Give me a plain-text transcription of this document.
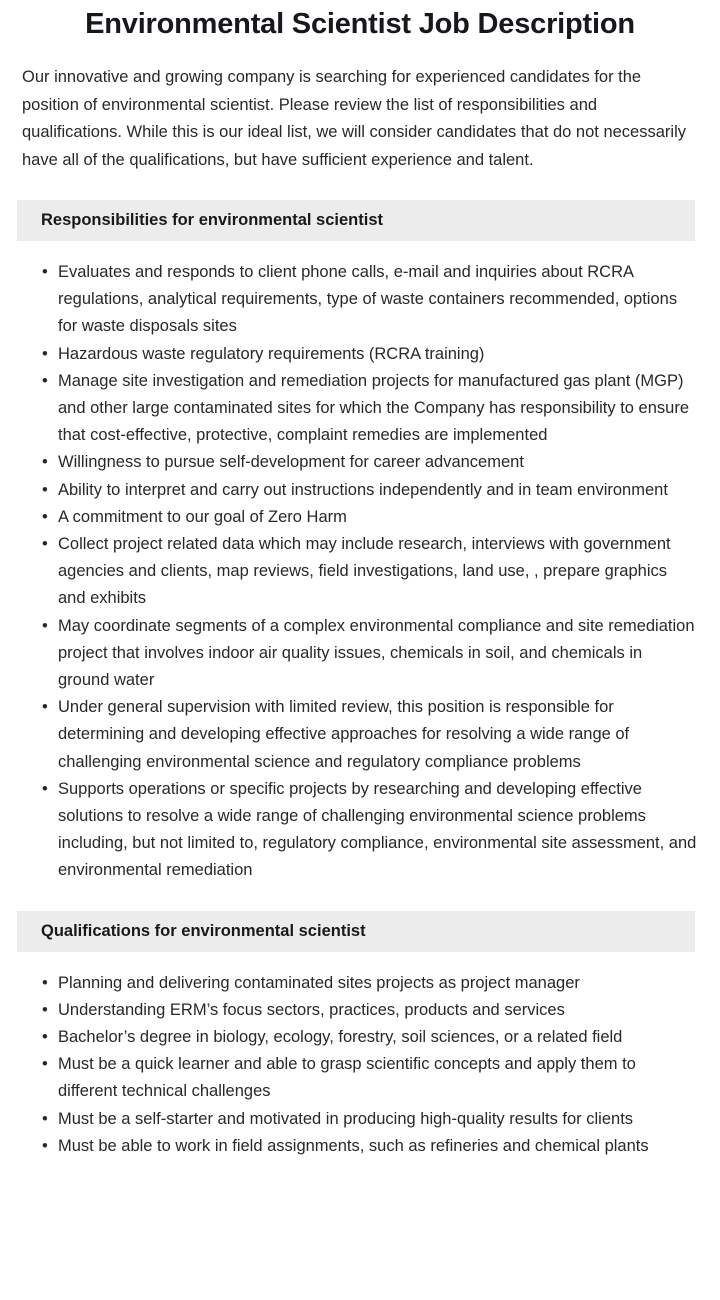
Environmental Scientist Job Description

Our innovative and growing company is searching for experienced candidates for the position of environmental scientist. Please review the list of responsibilities and qualifications. While this is our ideal list, we will consider candidates that do not necessarily have all of the qualifications, but have sufficient experience and talent.

Responsibilities for environmental scientist
• Evaluates and responds to client phone calls, e-mail and inquiries about RCRA regulations, analytical requirements, type of waste containers recommended, options for waste disposals sites
• Hazardous waste regulatory requirements (RCRA training)
• Manage site investigation and remediation projects for manufactured gas plant (MGP) and other large contaminated sites for which the Company has responsibility to ensure that cost-effective, protective, complaint remedies are implemented
• Willingness to pursue self-development for career advancement
• Ability to interpret and carry out instructions independently and in team environment
• A commitment to our goal of Zero Harm
• Collect project related data which may include research, interviews with government agencies and clients, map reviews, field investigations, land use, , prepare graphics and exhibits
• May coordinate segments of a complex environmental compliance and site remediation project that involves indoor air quality issues, chemicals in soil, and chemicals in ground water
• Under general supervision with limited review, this position is responsible for determining and developing effective approaches for resolving a wide range of challenging environmental science and regulatory compliance problems
• Supports operations or specific projects by researching and developing effective solutions to resolve a wide range of challenging environmental science problems including, but not limited to, regulatory compliance, environmental site assessment, and environmental remediation
Qualifications for environmental scientist
• Planning and delivering contaminated sites projects as project manager
• Understanding ERM’s focus sectors, practices, products and services
• Bachelor’s degree in biology, ecology, forestry, soil sciences, or a related field
• Must be a quick learner and able to grasp scientific concepts and apply them to different technical challenges
• Must be a self-starter and motivated in producing high-quality results for clients
• Must be able to work in field assignments, such as refineries and chemical plants
